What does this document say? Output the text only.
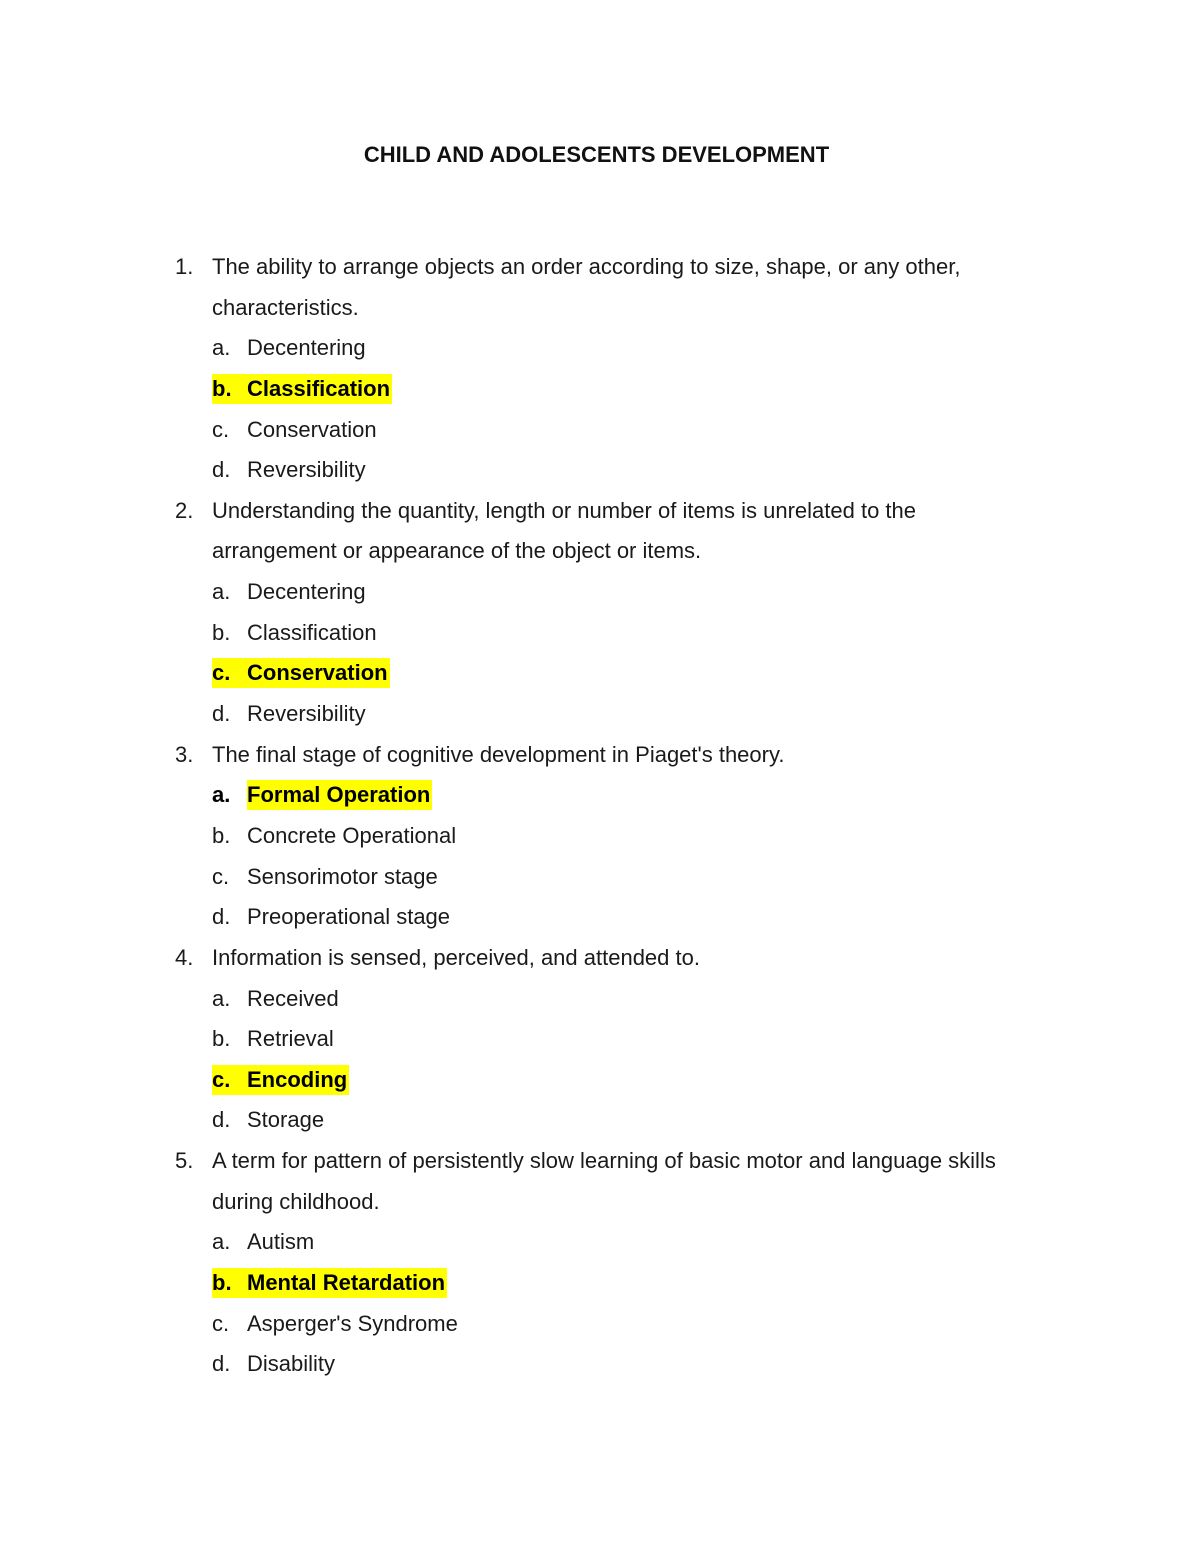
CHILD AND ADOLESCENTS DEVELOPMENT
1. The ability to arrange objects an order according to size, shape, or any other,
characteristics.
a. Decentering
b. Classification
c. Conservation
d. Reversibility
2. Understanding the quantity, length or number of items is unrelated to the
arrangement or appearance of the object or items.
a. Decentering
b. Classification
c. Conservation
d. Reversibility
3. The final stage of cognitive development in Piaget's theory.
a. Formal Operation
b. Concrete Operational
c. Sensorimotor stage
d. Preoperational stage
4. Information is sensed, perceived, and attended to.
a. Received
b. Retrieval
c. Encoding
d. Storage
5. A term for pattern of persistently slow learning of basic motor and language skills
during childhood.
a. Autism
b. Mental Retardation
c. Asperger's Syndrome
d. Disability
